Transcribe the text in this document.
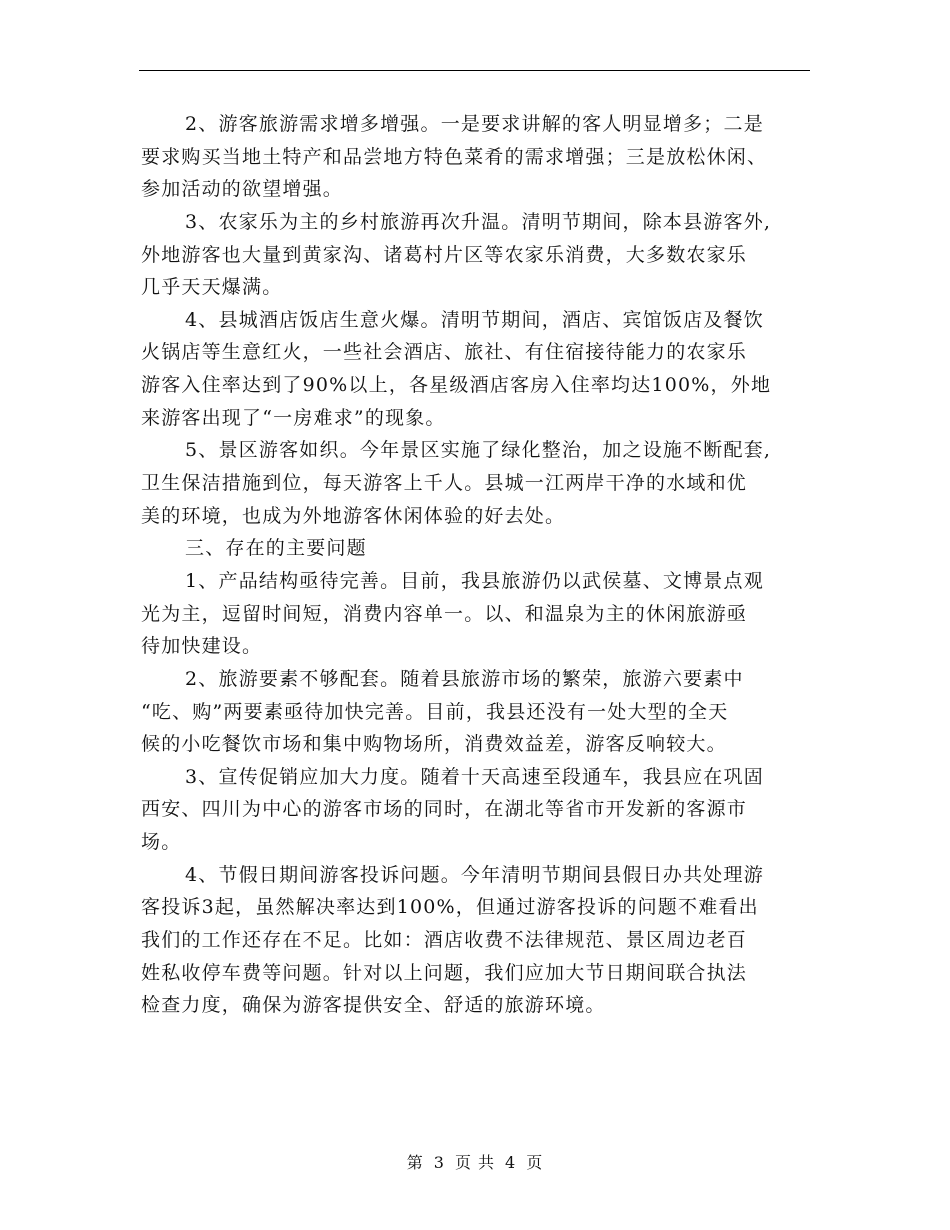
2、游客旅游需求增多增强。一是要求讲解的客人明显增多；二是
要求购买当地土特产和品尝地方特色菜肴的需求增强；三是放松休闲、
参加活动的欲望增强。
3、农家乐为主的乡村旅游再次升温。清明节期间，除本县游客外,
外地游客也大量到黄家沟、诸葛村片区等农家乐消费，大多数农家乐
几乎天天爆满。
4、县城酒店饭店生意火爆。清明节期间，酒店、宾馆饭店及餐饮
火锅店等生意红火，一些社会酒店、旅社、有住宿接待能力的农家乐
游客入住率达到了90%以上，各星级酒店客房入住率均达100%，外地
来游客出现了“一房难求”的现象。
5、景区游客如织。今年景区实施了绿化整治，加之设施不断配套,
卫生保洁措施到位，每天游客上千人。县城一江两岸干净的水域和优
美的环境，也成为外地游客休闲体验的好去处。
三、存在的主要问题
1、产品结构亟待完善。目前，我县旅游仍以武侯墓、文博景点观
光为主，逗留时间短，消费内容单一。以、和温泉为主的休闲旅游亟
待加快建设。
2、旅游要素不够配套。随着县旅游市场的繁荣，旅游六要素中
“吃、购”两要素亟待加快完善。目前，我县还没有一处大型的全天
候的小吃餐饮市场和集中购物场所，消费效益差，游客反响较大。
3、宣传促销应加大力度。随着十天高速至段通车，我县应在巩固
西安、四川为中心的游客市场的同时，在湖北等省市开发新的客源市
场。
4、节假日期间游客投诉问题。今年清明节期间县假日办共处理游
客投诉3起，虽然解决率达到100%，但通过游客投诉的问题不难看出
我们的工作还存在不足。比如：酒店收费不法律规范、景区周边老百
姓私收停车费等问题。针对以上问题，我们应加大节日期间联合执法
检查力度，确保为游客提供安全、舒适的旅游环境。
第 3 页 共 4 页
